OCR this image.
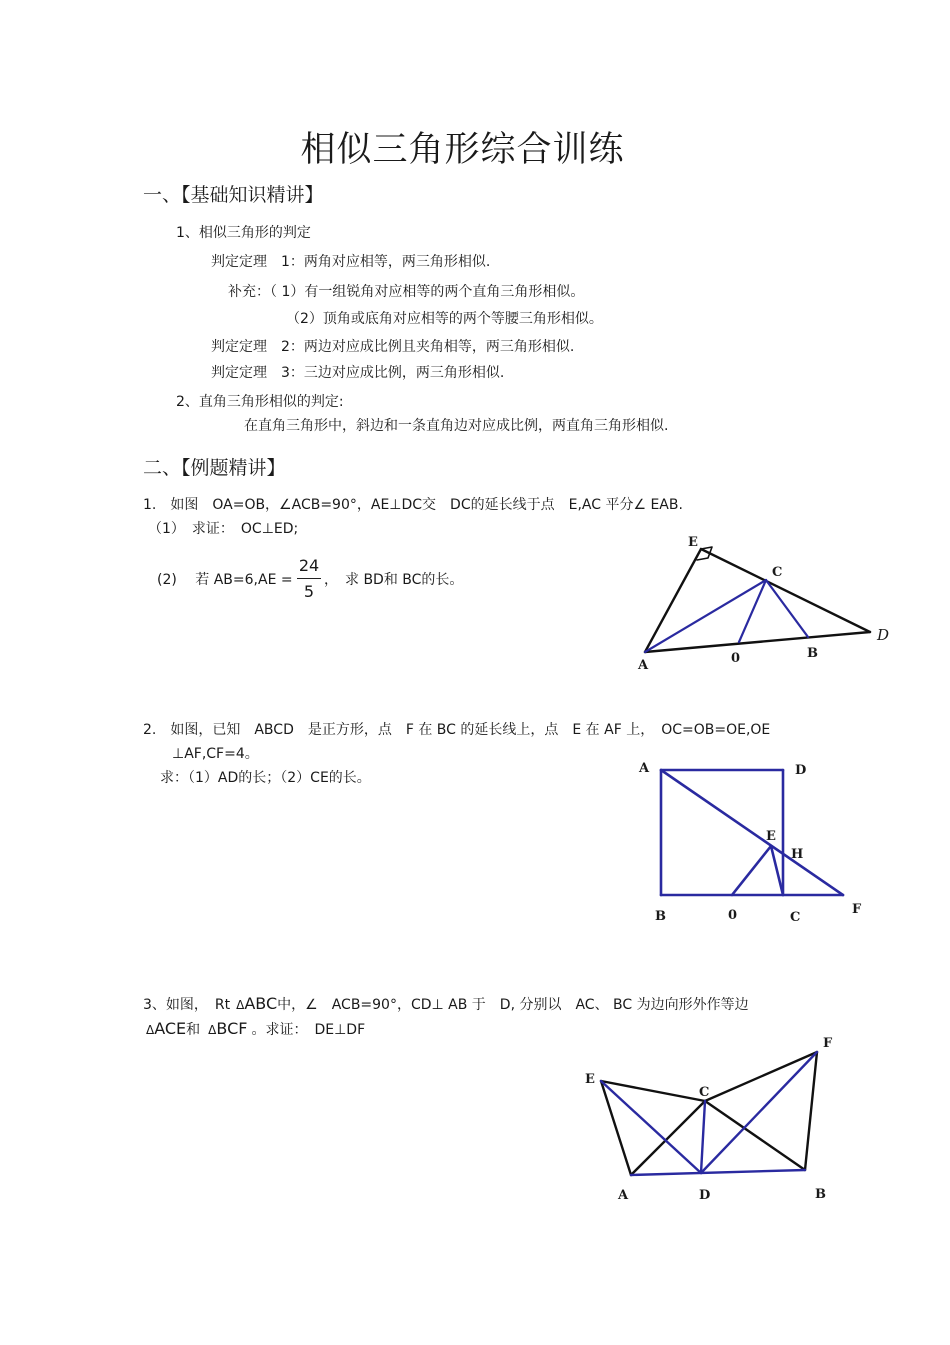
相似三角形综合训练
一、【基础知识精讲】
1、相似三角形的判定
判定定理　1：两角对应相等，两三角形相似.
补充：（ 1）有一组锐角对应相等的两个直角三角形相似。
（2）顶角或底角对应相等的两个等腰三角形相似。
判定定理　2：两边对应成比例且夹角相等，两三角形相似.
判定定理　3：三边对应成比例，两三角形相似.
2、直角三角形相似的判定:
在直角三角形中，斜边和一条直角边对应成比例，两直角三角形相似.
二、【例题精讲】
1.　如图　OA=OB，∠ACB=90°，AE⊥DC交　DC的延长线于点　E,AC 平分∠ EAB.
（1）　求证：　OC⊥ED;
(2)　 若 AB=6,AE =
24
5
，　求 BD和 BC的长。
E
C
D
A	0	B
2.　如图，已知　ABCD　是正方形，点　F 在 BC 的延长线上，点　E 在 AF 上，　OC=OB=OE,OE
⊥AF,CF=4。
求：（1）AD的长；（2）CE的长。
A	D
E
H
B	0	C
F
3、如图，　Rt ΔABC中，∠　ACB=90°，CD⊥ AB 于　D, 分别以　AC、 BC 为边向形外作等边
ΔACE和 ΔBCF 。求证：　DE⊥DF
E
C
F
A	D	B
